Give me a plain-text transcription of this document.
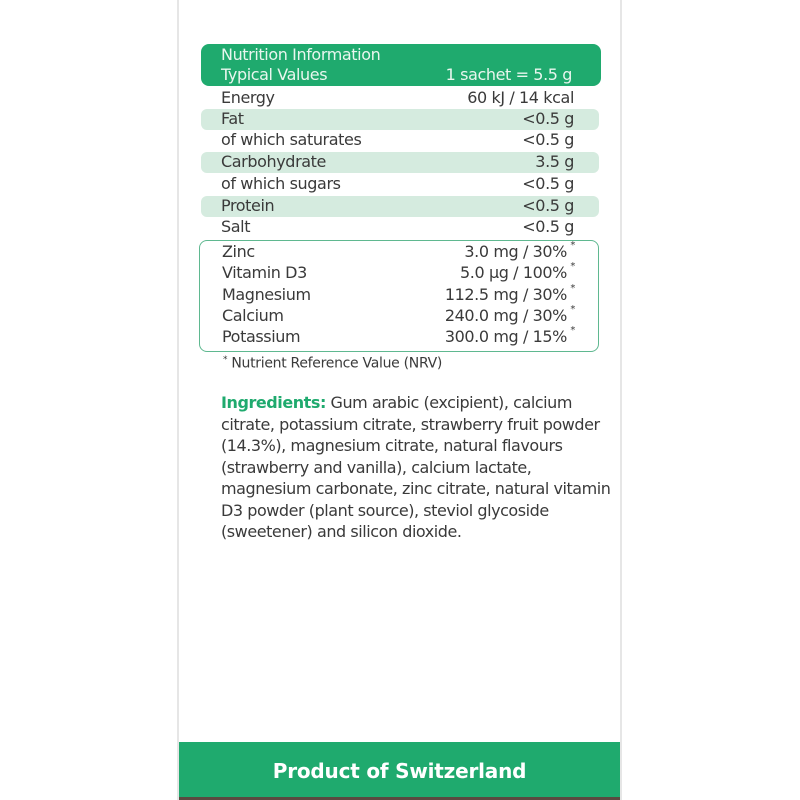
Nutrition Information
Typical Values	1 sachet = 5.5 g
Energy	60 kJ / 14 kcal
Fat	<0.5 g
of which saturates	<0.5 g
Carbohydrate	3.5 g
of which sugars	<0.5 g
Protein	<0.5 g
Salt	<0.5 g
Zinc	3.0 mg / 30% *
Vitamin D3	5.0 µg / 100% *
Magnesium	112.5 mg / 30% *
Calcium	240.0 mg / 30% *
Potassium	300.0 mg / 15% *
* Nutrient Reference Value (NRV)
Ingredients: Gum arabic (excipient), calcium citrate, potassium citrate, strawberry fruit powder (14.3%), magnesium citrate, natural flavours (strawberry and vanilla), calcium lactate, magnesium carbonate, zinc citrate, natural vitamin D3 powder (plant source), steviol glycoside (sweetener) and silicon dioxide.
Product of Switzerland
